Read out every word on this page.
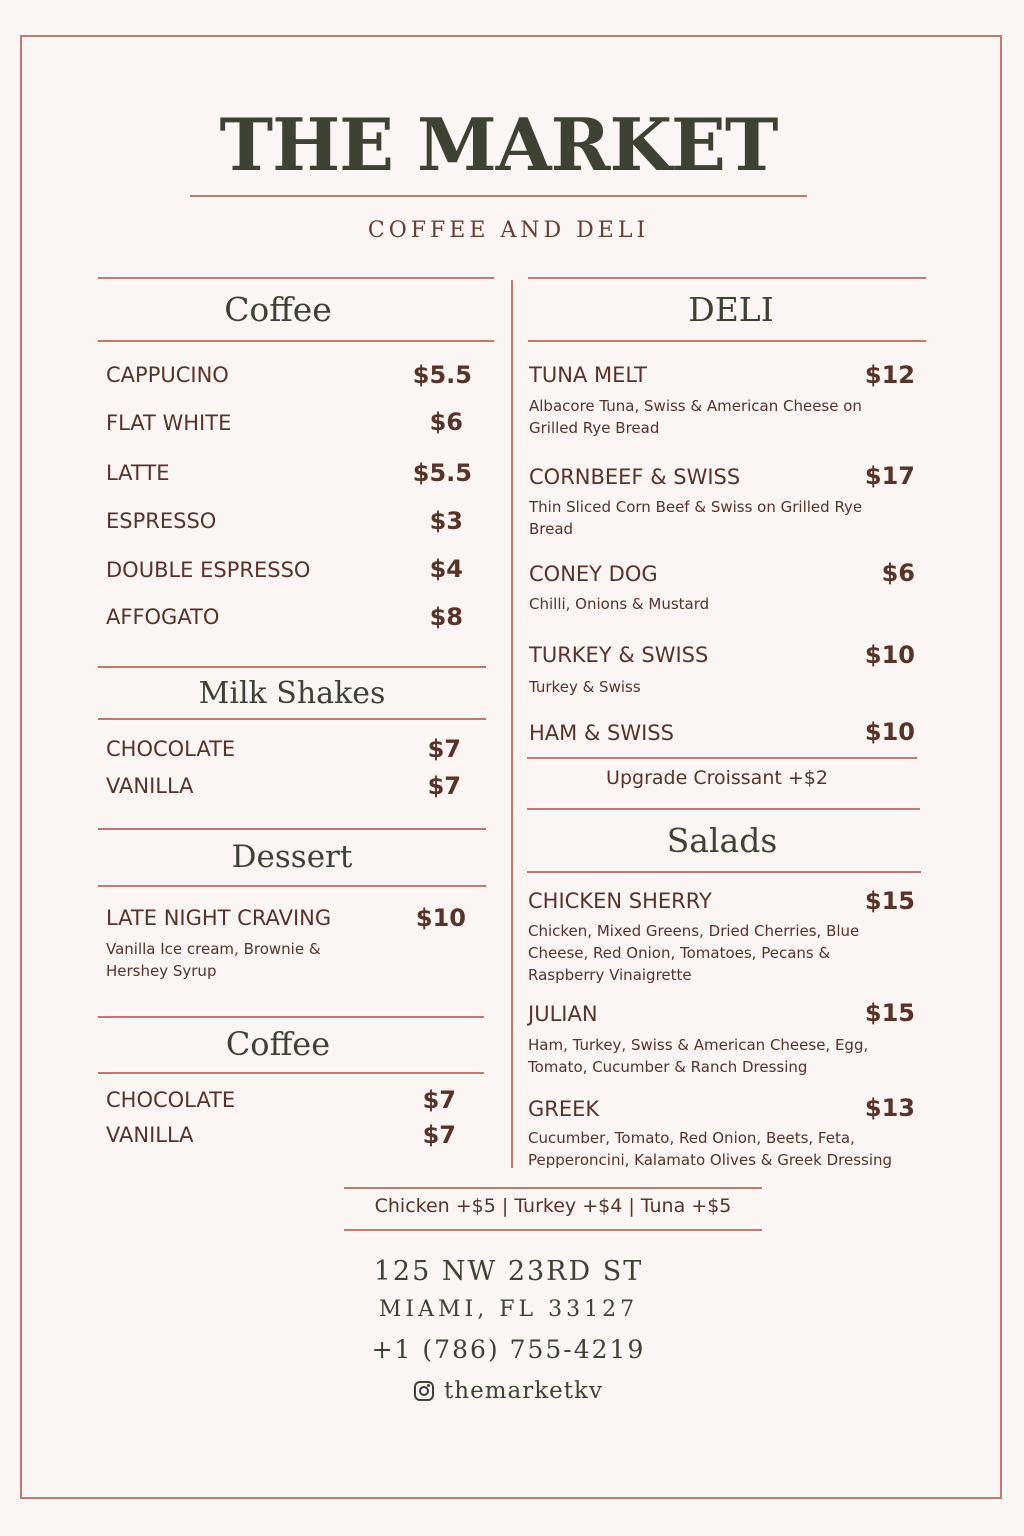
THE MARKET
COFFEE AND DELI
Coffee
CAPPUCINO	$5.5
FLAT WHITE	$6
LATTE	$5.5
ESPRESSO	$3
DOUBLE ESPRESSO	$4
AFFOGATO	$8
Milk Shakes
CHOCOLATE	$7
VANILLA	$7
Dessert
LATE NIGHT CRAVING	$10
Vanilla Ice cream, Brownie & Hershey Syrup
Coffee
CHOCOLATE	$7
VANILLA	$7
DELI
TUNA MELT	$12
Albacore Tuna, Swiss & American Cheese on Grilled Rye Bread
CORNBEEF & SWISS	$17
Thin Sliced Corn Beef & Swiss on Grilled Rye Bread
CONEY DOG	$6
Chilli, Onions & Mustard
TURKEY & SWISS	$10
Turkey & Swiss
HAM & SWISS	$10
Upgrade Croissant +$2
Salads
CHICKEN SHERRY	$15
Chicken, Mixed Greens, Dried Cherries, Blue Cheese, Red Onion, Tomatoes, Pecans & Raspberry Vinaigrette
JULIAN	$15
Ham, Turkey, Swiss & American Cheese, Egg, Tomato, Cucumber & Ranch Dressing
GREEK	$13
Cucumber, Tomato, Red Onion, Beets, Feta, Pepperoncini, Kalamato Olives & Greek Dressing
Chicken +$5 | Turkey +$4 | Tuna +$5
125 NW 23RD ST
MIAMI, FL 33127
+1 (786) 755-4219
themarketkv
